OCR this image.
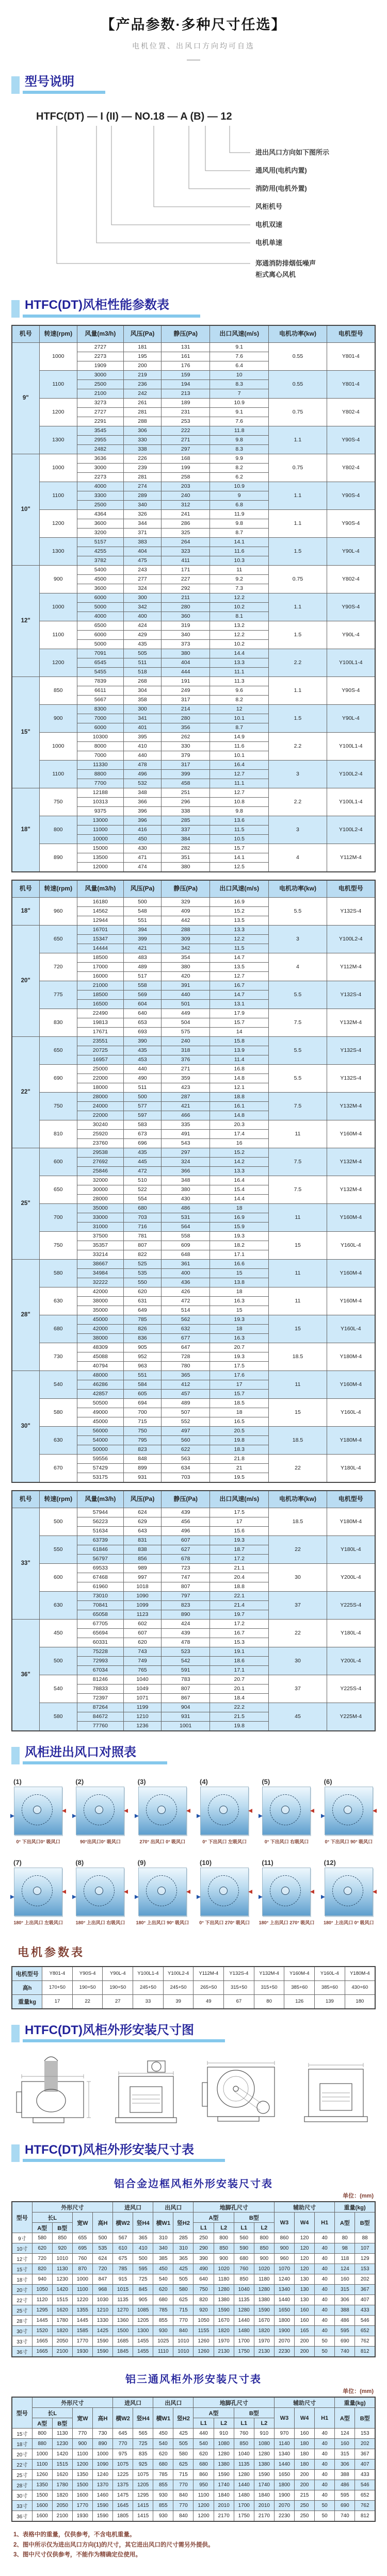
【产品参数·多种尺寸任选】
电机位置、出风口方向均可自选
型号说明
HTFC(DT) — I (II) — NO.18 — A (B) — 12
进出风口方向如下图所示
通风用(电机内置)
消防用(电机外置)
风柜机号
电机双速
电机单速
郑通消防排烟低噪声
柜式离心风机
HTFC(DT)风柜性能参数表
机号	转速(rpm)	风量(m3/h)	风压(Pa)	静压(Pa)	出口风速(m/s)	电机功率(kw)	电机型号
9"	1000	2727	181	131	9.1	0.55	Y801-4
		2273	195	161	7.6		
		1909	200	176	6.4		
	1100	3000	219	159	10	0.55	Y801-4
		2500	236	194	8.3		
		2100	242	213	7		
	1200	3273	261	189	10.9	0.75	Y802-4
		2727	281	231	9.1		
		2291	288	253	7.6		
	1300	3545	306	222	11.8	1.1	Y90S-4
		2955	330	271	9.8		
		2482	338	297	8.3		
10"	1000	3636	226	168	9.9	0.75	Y802-4
		3000	239	199	8.2		
		2273	281	258	6.2		
	1100	4000	274	203	10.9	1.1	Y90S-4
		3300	289	240	9		
		2500	340	312	6.8		
	1200	4364	326	241	11.9	1.1	Y90S-4
		3600	344	286	9.8		
		3200	371	325	8.7		
	1300	5157	383	264	14.1	1.5	Y90L-4
		4255	404	323	11.6		
		3782	475	411	10.3		
12"	900	5400	243	171	11	0.75	Y802-4
		4500	277	227	9.2		
		3600	324	292	7.3		
	1000	6000	300	211	12.2	1.1	Y90S-4
		5000	342	280	10.2		
		4000	400	360	8.1		
	1100	6500	424	319	13.2	1.5	Y90L-4
		6000	429	340	12.2		
		5000	435	373	10.2		
	1200	7091	505	380	14.4	2.2	Y100L1-4
		6545	511	404	13.3		
		5455	518	444	11.1		
15"	850	7839	268	191	11.3	1.1	Y90S-4
		6611	304	249	9.6		
		5667	358	317	8.2		
	900	8300	300	214	12	1.5	Y90L-4
		7000	341	280	10.1		
		6000	401	356	8.7		
	1000	10300	395	262	14.9	2.2	Y100L1-4
		8000	410	330	11.6		
		7000	440	379	10.1		
	1100	11330	478	317	16.4	3	Y100L2-4
		8800	496	399	12.7		
		7700	532	458	11.1		
18"	750	12188	348	251	12.7	2.2	Y100L1-4
		10313	366	296	10.8		
		9375	396	338	9.8		
	800	13000	396	285	13.6	3	Y100L2-4
		11000	416	337	11.5		
		10000	450	384	10.5		
	890	15000	430	282	15.7	4	Y112M-4
		13500	471	351	14.1		
		12000	474	380	12.5		
机号	转速(rpm)	风量(m3/h)	风压(Pa)	静压(Pa)	出口风速(m/s)	电机功率(kw)	电机型号
18"	960	16180	500	329	16.9	5.5	Y132S-4
		14562	548	409	15.2		
		12944	551	442	13.5		
20"	650	16701	394	288	13.3	3	Y100L2-4
		15347	399	309	12.2		
		14444	421	342	11.5		
	720	18500	483	354	14.7	4	Y112M-4
		17000	489	380	13.5		
		16000	517	420	12.7		
	775	21000	558	391	16.7	5.5	Y132S-4
		18500	569	440	14.7		
		16500	604	501	13.1		
	830	22490	640	449	17.9	7.5	Y132M-4
		19813	653	504	15.7		
		17671	693	575	14		
22"	650	23551	390	240	15.8	5.5	Y132S-4
		20725	435	318	13.9		
		16957	453	376	11.4		
	690	25000	440	271	16.8	5.5	Y132S-4
		22000	490	359	14.8		
		18000	511	423	12.1		
	750	28000	500	287	18.8	7.5	Y132M-4
		24000	577	421	16.1		
		22000	597	466	14.8		
	810	30240	583	335	20.3	11	Y160M-4
		25920	673	491	17.4		
		23760	696	543	16		
25"	600	29538	435	297	15.2	7.5	Y132M-4
		27692	445	324	14.2		
		25846	472	366	13.3		
	650	32000	510	348	16.4	7.5	Y132M-4
		30000	522	380	15.4		
		28000	554	430	14.4		
	700	35000	680	486	18	11	Y160M-4
		33000	703	531	16.9		
		31000	716	564	15.9		
	750	37500	781	558	19.3	15	Y160L-4
		35357	807	609	18.2		
		33214	822	648	17.1		
28"	580	38667	525	361	16.6	11	Y160M-4
		34984	535	400	15		
		32222	550	436	13.8		
	630	42000	620	426	18	11	Y160M-4
		38000	631	472	16.3		
		35000	649	514	15		
	680	45000	785	562	19.3	15	Y160L-4
		42000	826	632	18		
		38000	836	677	16.3		
	730	48309	905	647	20.7	18.5	Y180M-4
		45088	952	728	19.3		
		40794	963	780	17.5		
30"	540	48000	551	365	17.6	11	Y160M-4
		46286	584	412	17		
		42857	605	457	15.7		
	580	50500	694	489	18.5	15	Y160L-4
		49000	700	507	18		
		45000	715	552	16.5		
	630	56000	750	497	20.5	18.5	Y180M-4
		54000	795	560	19.8		
		50000	823	622	18.3		
	670	59556	848	563	21.8	22	Y180L-4
		57429	899	634	21		
		53175	931	703	19.5		
机号	转速(rpm)	风量(m3/h)	风压(Pa)	静压(Pa)	出口风速(m/s)	电机功率(kw)	电机型号
33"	500	57944	624	439	17.5	18.5	Y180M-4
		56223	629	456	17		
		51634	643	496	15.6		
	550	63739	831	607	19.3	22	Y180L-4
		61846	838	627	18.7		
		56797	856	678	17.2		
	600	69533	989	723	21.1	30	Y200L-4
		67468	997	747	20.4		
		61960	1018	807	18.8		
	630	73010	1090	797	22.1	37	Y225S-4
		70841	1099	823	21.4		
		65058	1123	890	19.7		
36"	450	67705	602	424	17.2	22	Y180L-4
		65694	607	439	16.7		
		60331	620	478	15.3		
	500	75228	743	523	19.1	30	Y200L-4
		72993	749	542	18.6		
		67034	765	591	17.1		
	540	81246	1040	783	20.7	37	Y225S-4
		78833	1049	807	20.1		
		72397	1071	867	18.4		
	580	87264	1199	904	22.2	45	Y225M-4
		84672	1210	931	21.5		
		77760	1236	1001	19.8		
风柜进出风口对照表
(1)
0° 下出风口0° 吸风口
(2)
90°出风口0° 吸风口
(3)
270° 出风口 0° 吸风口
(4)
0° 下出风口 左吸风口
(5)
0° 下出风口 右吸风口
(6)
0° 下出风口 90° 吸风口
(7)
180° 上出风口 左吸风口
(8)
180° 上出风口 右吸风口
(9)
180° 上出风口 90° 吸风口
(10)
0° 下出风口 270° 吸风口
(11)
180° 上出风口 270° 吸风口
(12)
180° 上出风口 0° 吸风口
电机参数表
电机型号	Y801-4	Y90S-4	Y90L-4	Y100L1-4	Y100L2-4	Y112M-4	Y132S-4	Y132M-4	Y160M-4	Y160L-4	Y180M-4
高h	170+50	190+50	190+50	245+50	245+50	265+50	315+50	315+50	385+60	385+60	430+60
重量kg	17	22	27	33	39	49	67	80	126	139	180
HTFC(DT)风柜外形安装尺寸图
HTFC(DT)风柜外形安装尺寸表
铝合金边框风柜外形安装尺寸表
单位：(mm)
型号	外形尺寸				进风口		出风口		地脚孔尺寸				辅助尺寸			重量(kg)	
	长L		宽W	高H	横W2	竖H4	横W1	竖H2	A型		B型		W3	W4	H1	A型	B型
	A型	B型							L1	L2	L1	L2					
9寸	580	850	655	500	567	365	310	285	250	800	560	800	860	120	40	80	88
10寸	620	920	695	535	610	410	340	310	290	850	590	850	900	120	40	98	107
12寸	720	1010	760	624	675	500	385	365	390	900	680	900	960	120	40	118	129
15寸	820	1130	870	720	785	595	450	425	490	1020	760	1020	1070	120	40	124	153
18寸	940	1230	1000	847	915	725	540	505	640	1180	850	1180	1240	130	40	160	202
20寸	1050	1420	1100	968	1015	845	620	580	750	1280	1040	1280	1340	130	40	315	367
22寸	1120	1515	1220	1030	1135	905	680	625	820	1380	1135	1380	1440	130	40	306	407
25寸	1295	1620	1355	1210	1270	1085	785	715	920	1590	1280	1590	1650	160	40	388	433
28寸	1445	1780	1445	1330	1360	1205	855	770	1050	1670	1440	1670	1800	160	40	486	546
30寸	1520	1820	1585	1425	1500	1300	930	840	1155	1820	1480	1820	1900	165	40	595	652
33寸	1665	2050	1770	1590	1685	1455	1025	1010	1260	1970	1700	1970	2070	200	50	690	762
36寸	1665	2100	1930	1590	1845	1455	1110	1010	1260	2130	1750	2130	2230	200	50	740	812
铝三通风柜外形安装尺寸表
单位：(mm)
型号	外形尺寸				进风口		出风口		地脚孔尺寸				辅助尺寸			重量(kg)	
	长L		宽W	高H	横W2	竖H4	横W1	竖H2	A型		B型		W3	W4	H1	A型	B型
	A型	B型							L1	L2	L1	L2					
15寸	800	1130	770	730	645	565	450	425	440	910	760	910	970	160	40	124	153
18寸	880	1230	900	890	770	725	540	505	540	1080	850	1080	1140	180	40	160	202
20寸	1000	1420	1100	1000	975	835	620	580	620	1280	1040	1280	1340	180	40	315	367
22寸	1100	1515	1200	1090	1075	925	680	625	680	1380	1135	1380	1440	180	40	306	407
25寸	1260	1620	1350	1240	1225	1075	785	715	860	1590	1280	1590	1650	200	40	388	433
28寸	1350	1780	1500	1370	1375	1205	855	770	950	1740	1440	1740	1800	200	40	486	546
30寸	1500	1820	1600	1460	1475	1295	930	840	1100	1840	1480	1840	1900	215	40	595	652
33寸	1600	2050	1770	1590	1645	1415	855	770	1200	2010	1700	2010	2070	250	50	690	762
36寸	1600	2100	1930	1590	1805	1415	930	840	1200	2170	1750	2170	2230	250	50	740	812
1、表格中的重量，仅供参考，不含电机重量。
2、图中所示仅为进出风口方向(1)的尺寸，其它进出风口的尺寸需另外提供。
3、图中尺寸仅供参考，不能作为精确定位使用。
